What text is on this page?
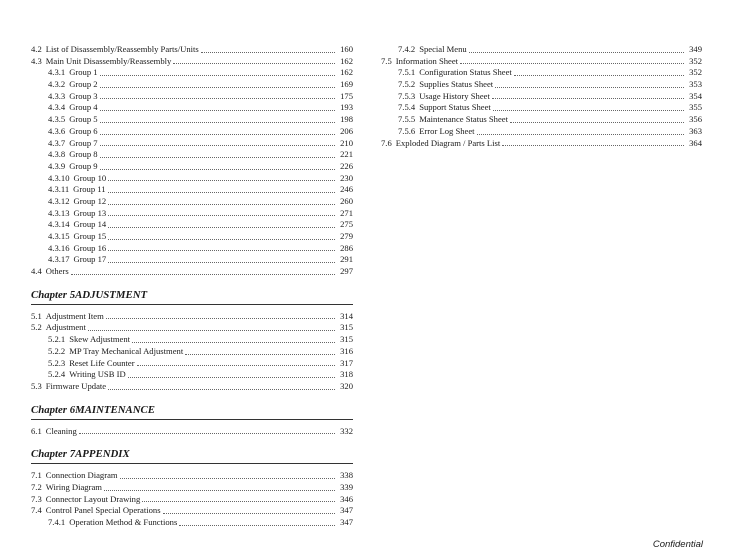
4.2 List of Disassembly/Reassembly Parts/Units	160
4.3 Main Unit Disassembly/Reassembly	162
4.3.1 Group 1	162
4.3.2 Group 2	169
4.3.3 Group 3	175
4.3.4 Group 4	193
4.3.5 Group 5	198
4.3.6 Group 6	206
4.3.7 Group 7	210
4.3.8 Group 8	221
4.3.9 Group 9	226
4.3.10 Group 10	230
4.3.11 Group 11	246
4.3.12 Group 12	260
4.3.13 Group 13	271
4.3.14 Group 14	275
4.3.15 Group 15	279
4.3.16 Group 16	286
4.3.17 Group 17	291
4.4 Others	297
Chapter 5ADJUSTMENT
5.1 Adjustment Item	314
5.2 Adjustment	315
5.2.1 Skew Adjustment	315
5.2.2 MP Tray Mechanical Adjustment	316
5.2.3 Reset Life Counter	317
5.2.4 Writing USB ID	318
5.3 Firmware Update	320
Chapter 6MAINTENANCE
6.1 Cleaning	332
Chapter 7APPENDIX
7.1 Connection Diagram	338
7.2 Wiring Diagram	339
7.3 Connector Layout Drawing	346
7.4 Control Panel Special Operations	347
7.4.1 Operation Method & Functions	347
7.4.2 Special Menu	349
7.5 Information Sheet	352
7.5.1 Configuration Status Sheet	352
7.5.2 Supplies Status Sheet	353
7.5.3 Usage History Sheet	354
7.5.4 Support Status Sheet	355
7.5.5 Maintenance Status Sheet	356
7.5.6 Error Log Sheet	363
7.6 Exploded Diagram / Parts List	364
Confidential
